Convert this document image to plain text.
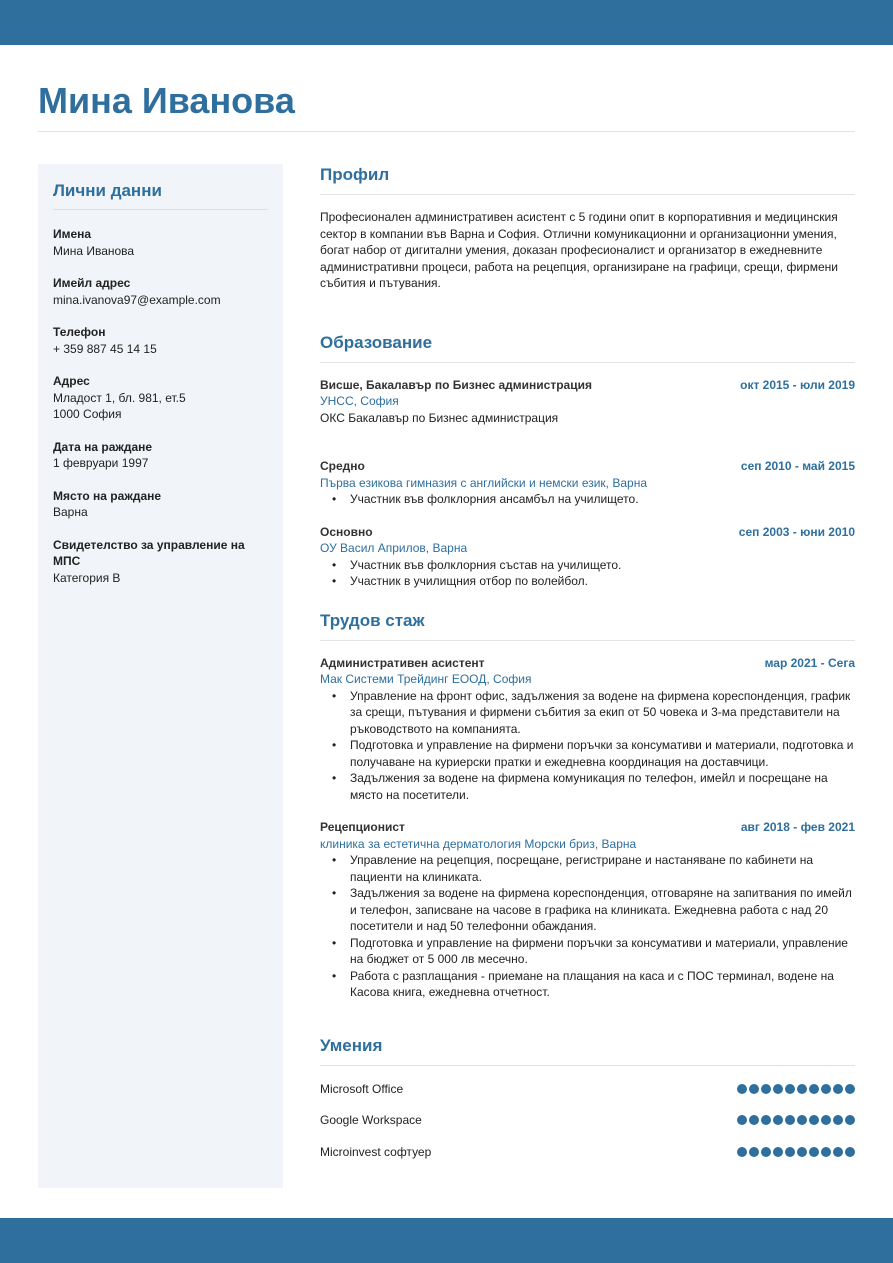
Мина Иванова
Лични данни
Имена
Мина Иванова
Имейл адрес
mina.ivanova97@example.com
Телефон
+ 359 887 45 14 15
Адрес
Младост 1, бл. 981, ет.5
1000 София
Дата на раждане
1 февруари 1997
Място на раждане
Варна
Свидетелство за управление на МПС
Категория B
Профил

Професионален административен асистент с 5 години опит в корпоративния и медицинския сектор в компании във Варна и София. Отлични комуникационни и организационни умения, богат набор от дигитални умения, доказан професионалист и организатор в ежедневните административни процеси, работа на рецепция, организиране на графици, срещи, фирмени събития и пътувания.

Образование
Висше, Бакалавър по Бизнес администрация	окт 2015 - юли 2019
УНСС, София
ОКС Бакалавър по Бизнес администрация
Средно	сеп 2010 - май 2015
Първа езикова гимназия с английски и немски език, Варна
• Участник във фолклорния ансамбъл на училището.
Основно	сеп 2003 - юни 2010
ОУ Васил Априлов, Варна
• Участник във фолклорния състав на училището.
• Участник в училищния отбор по волейбол.
Трудов стаж
Административен асистент	мар 2021 - Сега
Мак Системи Трейдинг ЕООД, София
• Управление на фронт офис, задължения за водене на фирмена кореспонденция, график за срещи, пътувания и фирмени събития за екип от 50 човека и 3-ма представители на ръководството на компанията.
• Подготовка и управление на фирмени поръчки за консумативи и материали, подготовка и получаване на куриерски пратки и ежедневна координация на доставчици.
• Задължения за водене на фирмена комуникация по телефон, имейл и посрещане на място на посетители.
Рецепционист	авг 2018 - фев 2021
клиника за естетична дерматология Морски бриз, Варна
• Управление на рецепция, посрещане, регистриране и настаняване по кабинети на пациенти на клиниката.
• Задължения за водене на фирмена кореспонденция, отговаряне на запитвания по имейл и телефон, записване на часове в графика на клиниката. Ежедневна работа с над 20 посетители и над 50 телефонни обаждания.
• Подготовка и управление на фирмени поръчки за консумативи и материали, управление на бюджет от 5 000 лв месечно.
• Работа с разплащания - приемане на плащания на каса и с ПОС терминал, водене на Касова книга, ежедневна отчетност.
Умения
Microsoft Office
Google Workspace
Microinvest софтуер
